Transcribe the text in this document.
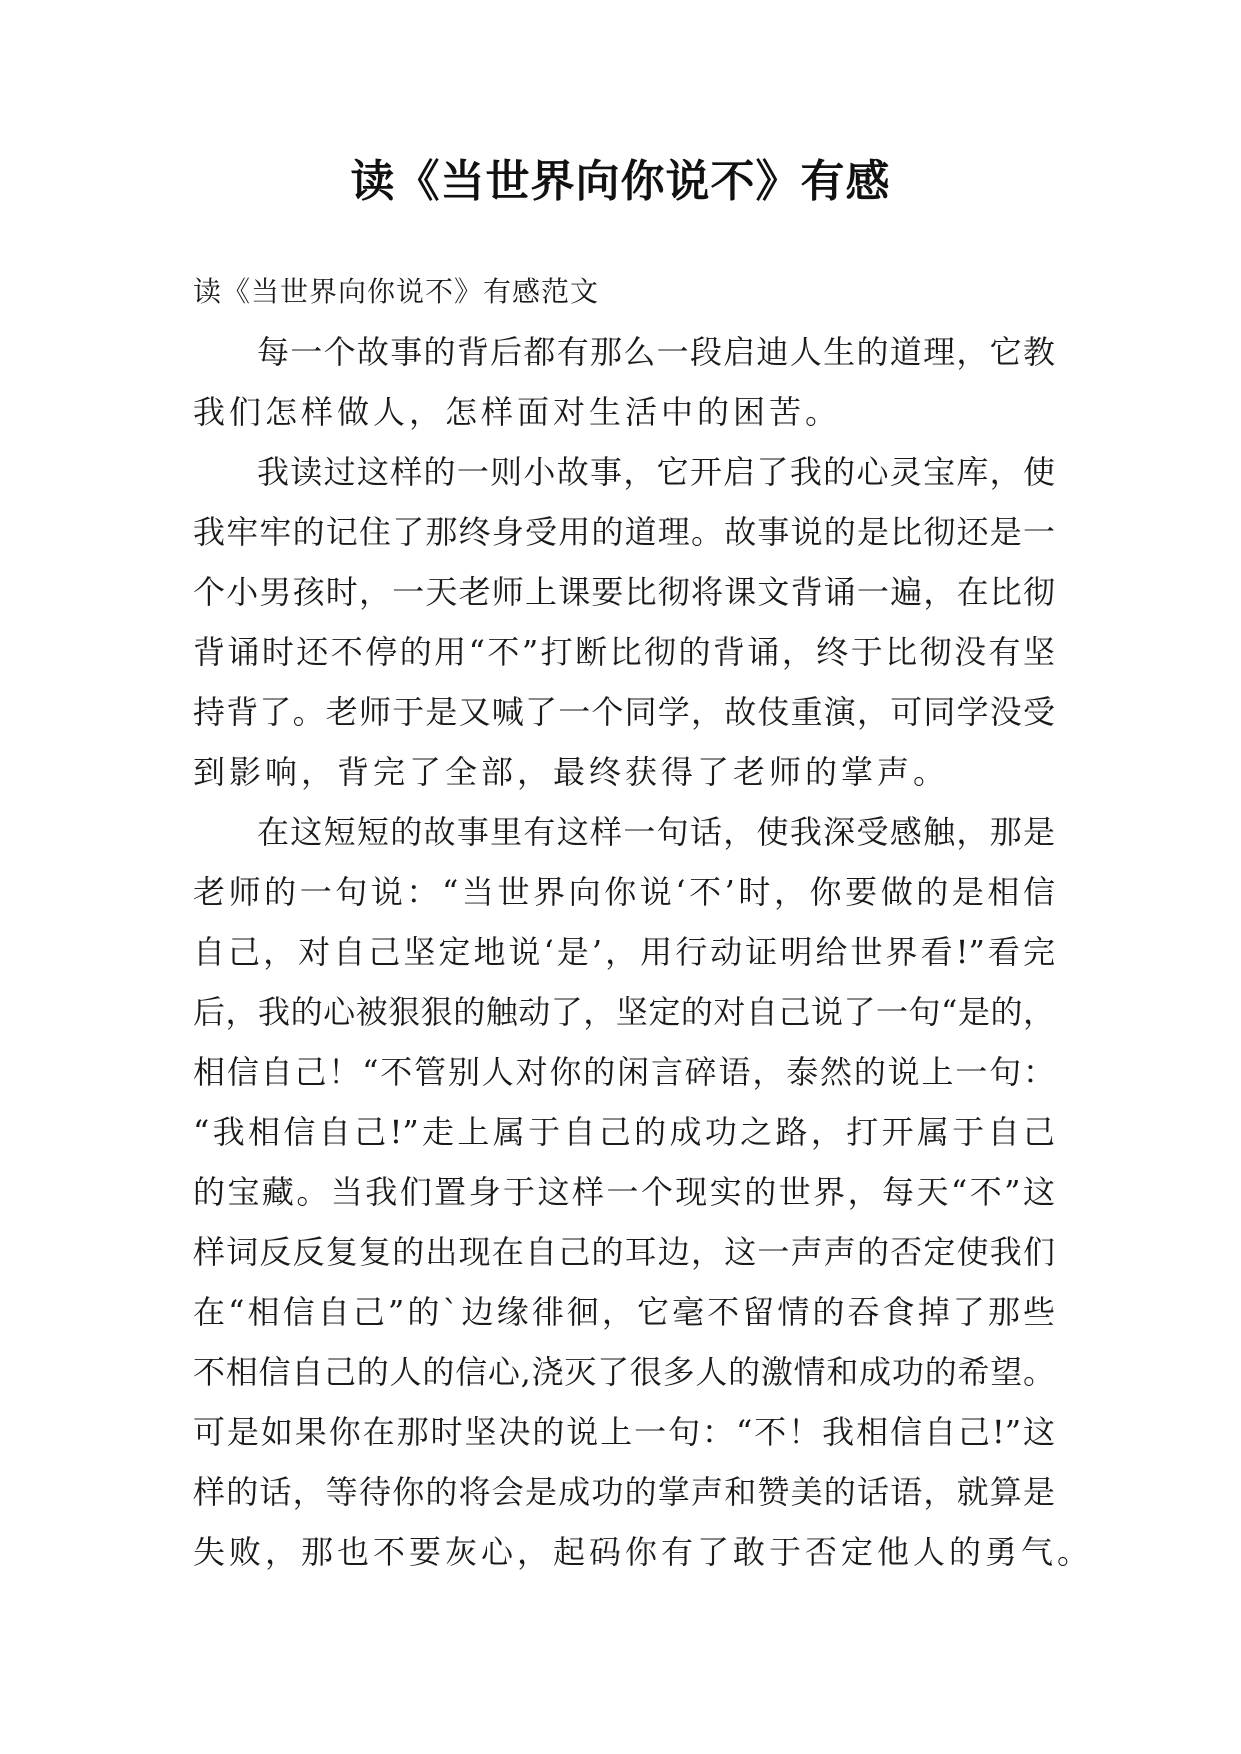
读《当世界向你说不》有感

读《当世界向你说不》有感范文

每一个故事的背后都有那么一段启迪人生的道理，它教
我们怎样做人，怎样面对生活中的困苦。

我读过这样的一则小故事，它开启了我的心灵宝库，使
我牢牢的记住了那终身受用的道理。故事说的是比彻还是一
个小男孩时，一天老师上课要比彻将课文背诵一遍，在比彻
背诵时还不停的用“不”打断比彻的背诵，终于比彻没有坚
持背了。老师于是又喊了一个同学，故伎重演，可同学没受
到影响，背完了全部，最终获得了老师的掌声。

在这短短的故事里有这样一句话，使我深受感触，那是
老师的一句说：“当世界向你说‘不’时，你要做的是相信
自己，对自己坚定地说‘是’，用行动证明给世界看!”看完
后，我的心被狠狠的触动了，坚定的对自己说了一句“是的，
相信自己！“不管别人对你的闲言碎语，泰然的说上一句：
“我相信自己!”走上属于自己的成功之路，打开属于自己
的宝藏。当我们置身于这样一个现实的世界，每天“不”这
样词反反复复的出现在自己的耳边，这一声声的否定使我们
在“相信自己”的`边缘徘徊，它毫不留情的吞食掉了那些
不相信自己的人的信心,浇灭了很多人的激情和成功的希望。
可是如果你在那时坚决的说上一句：“不！我相信自己!”这
样的话，等待你的将会是成功的掌声和赞美的话语，就算是
失败，那也不要灰心，起码你有了敢于否定他人的勇气。
